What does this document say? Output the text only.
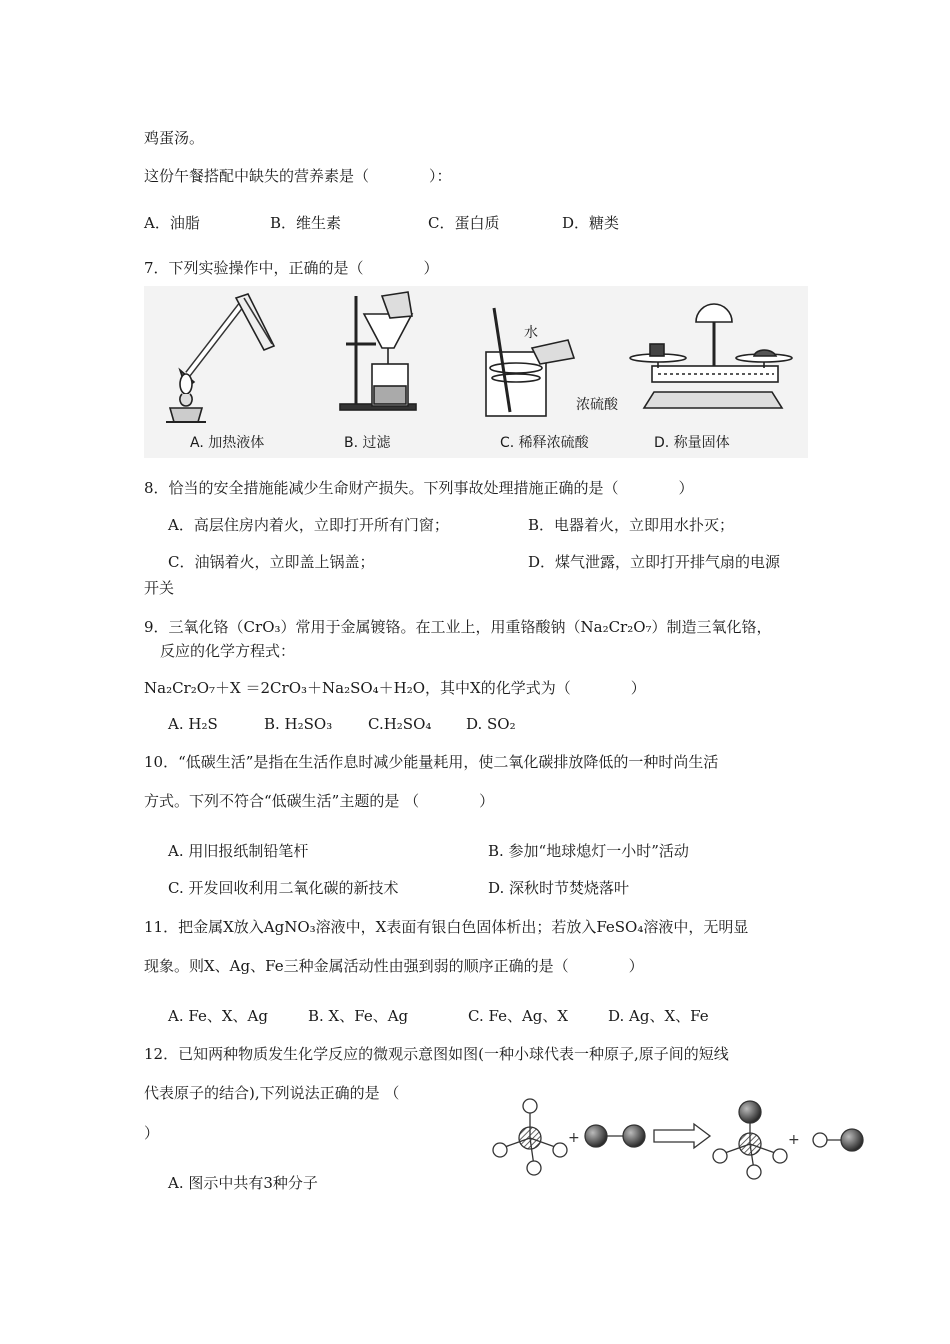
鸡蛋汤。
这份午餐搭配中缺失的营养素是（　　　　）：
A．油脂	B．维生素	C．蛋白质	D．糖类
7．下列实验操作中，正确的是（　　　　）
水
浓硫酸
A. 加热液体	B. 过滤	C. 稀释浓硫酸	D. 称量固体
8．恰当的安全措施能减少生命财产损失。下列事故处理措施正确的是（　　　　）
A．高层住房内着火，立即打开所有门窗；	B．电器着火，立即用水扑灭；
C．油锅着火，立即盖上锅盖；	D．煤气泄露，立即打开排气扇的电源
开关
9．三氧化铬（CrO₃）常用于金属镀铬。在工业上，用重铬酸钠（Na₂Cr₂O₇）制造三氧化铬，
反应的化学方程式：
Na₂Cr₂O₇＋X ＝2CrO₃＋Na₂SO₄＋H₂O，其中X的化学式为（　　　　）
A. H₂S	B. H₂SO₃ C.H₂SO₄ D. SO₂
10．“低碳生活”是指在生活作息时减少能量耗用，使二氧化碳排放降低的一种时尚生活
方式。下列不符合“低碳生活”主题的是 （　　　　）
A. 用旧报纸制铅笔杆	B. 参加“地球熄灯一小时”活动
C. 开发回收利用二氧化碳的新技术	D. 深秋时节焚烧落叶
11．把金属X放入AgNO₃溶液中，X表面有银白色固体析出；若放入FeSO₄溶液中，无明显
现象。则X、Ag、Fe三种金属活动性由强到弱的顺序正确的是（　　　　）
A. Fe、X、Ag	B. X、Fe、Ag	C. Fe、Ag、X	D. Ag、X、Fe
12．已知两种物质发生化学反应的微观示意图如图(一种小球代表一种原子,原子间的短线
代表原子的结合),下列说法正确的是 （
）
A. 图示中共有3种分子
+	+
